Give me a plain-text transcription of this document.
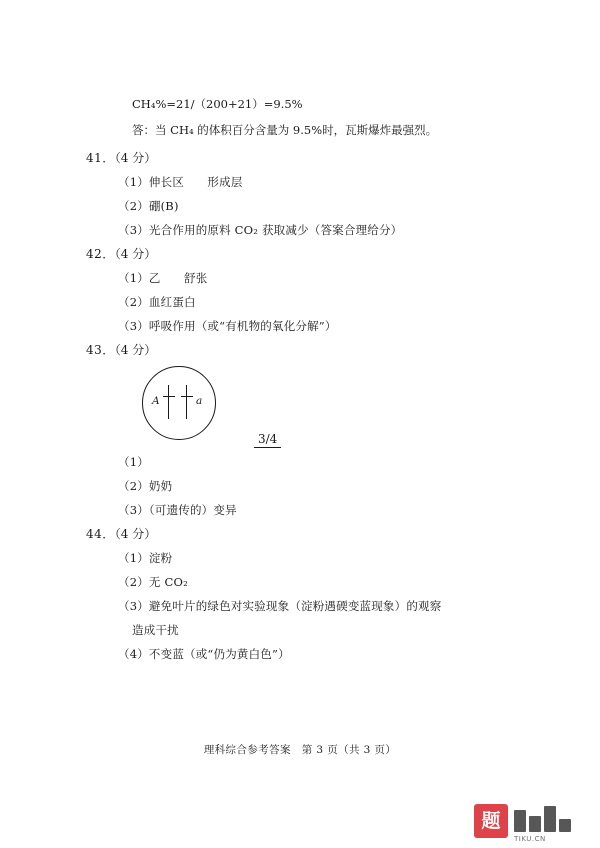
CH₄%=21/（200+21）=9.5%
答：当 CH₄ 的体积百分含量为 9.5%时，瓦斯爆炸最强烈。
41．（4 分）
（1）伸长区　　形成层
（2）硼(B)
（3）光合作用的原料 CO₂ 获取减少（答案合理给分）
42．（4 分）
（1）乙　　舒张
（2）血红蛋白
（3）呼吸作用（或“有机物的氧化分解”）
43．（4 分）
A	a
3/4
（1）
（2）奶奶
（3）（可遗传的）变异
44．（4 分）
（1）淀粉
（2）无 CO₂
（3）避免叶片的绿色对实验现象（淀粉遇碝变蓝现象）的观察
造成干扰
（4）不变蓝（或“仍为黄白色”）
理科综合参考答案　第 3 页（共 3 页）
题
TIKU.CN
